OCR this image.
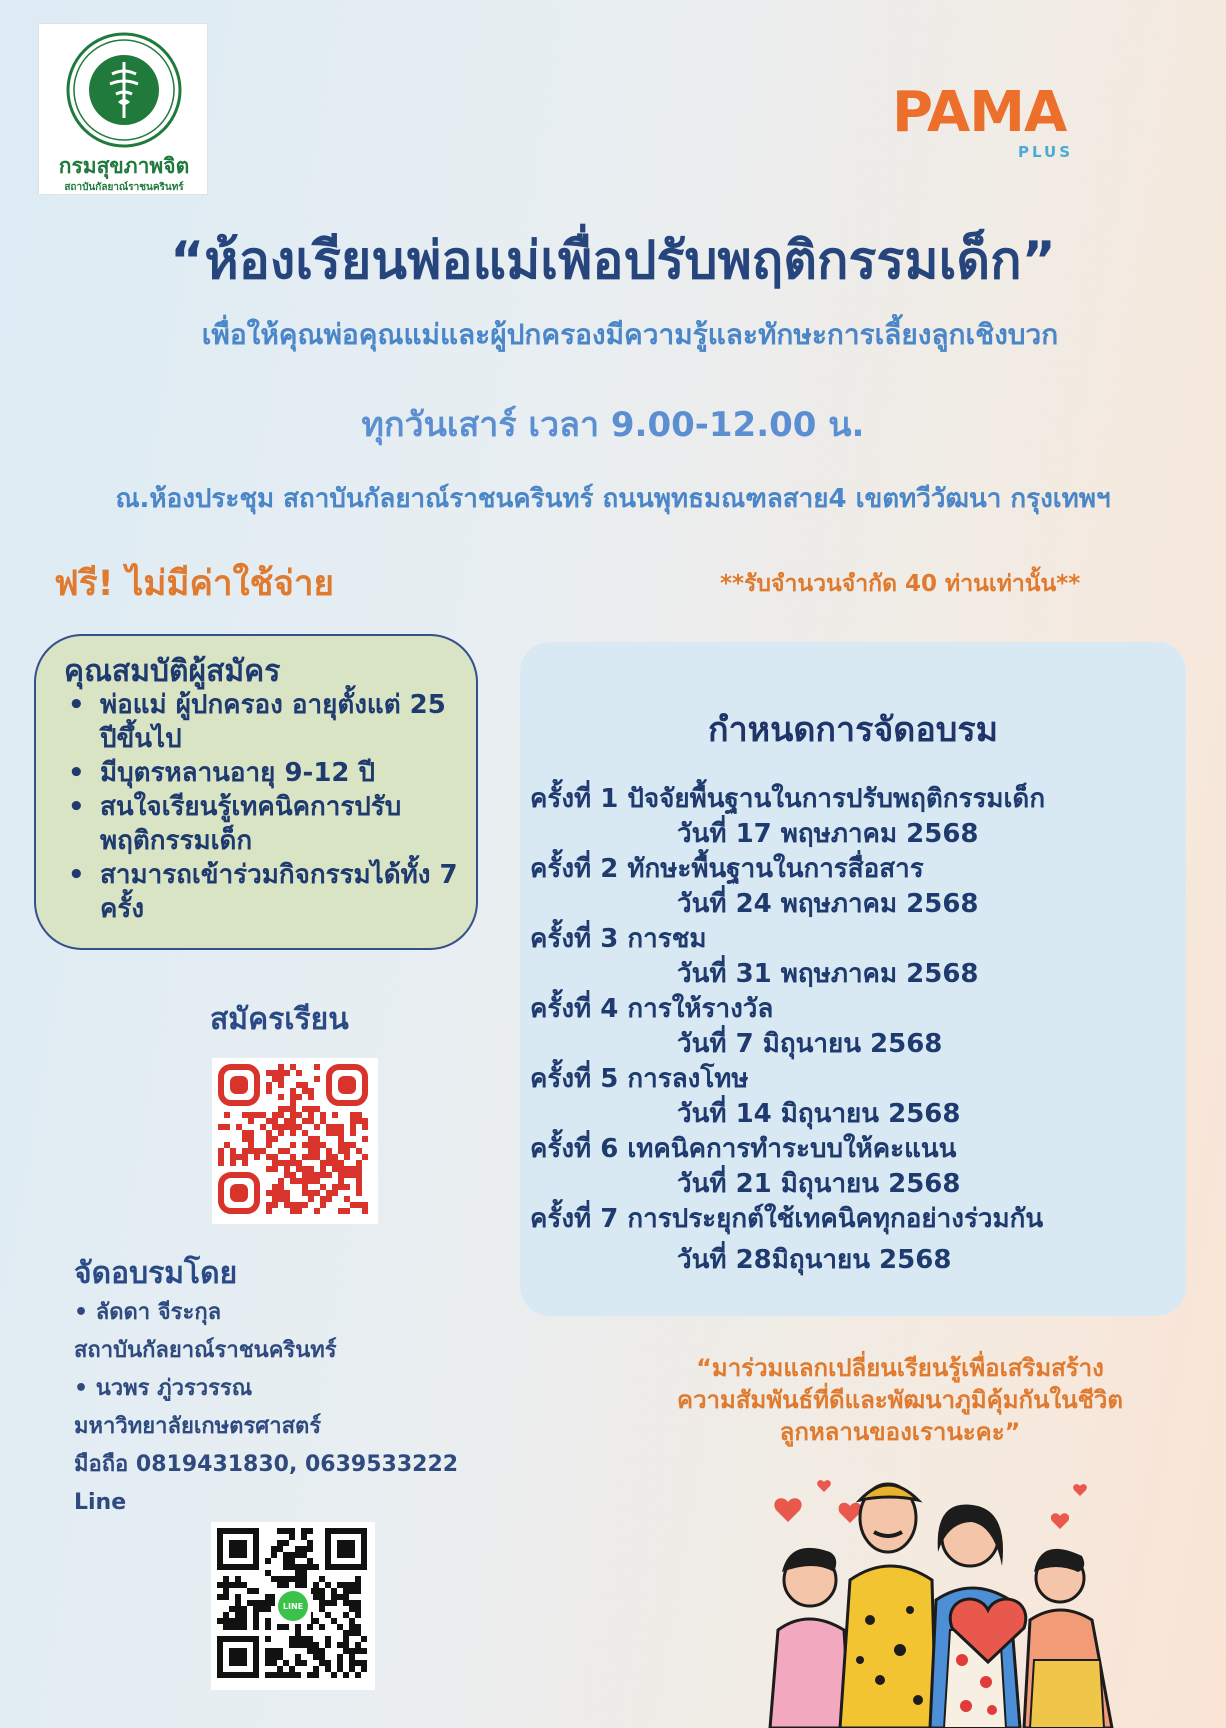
กรมสุขภาพจิต
สถาบันกัลยาณ์ราชนครินทร์
PAMA
PLUS
“ห้องเรียนพ่อแม่เพื่อปรับพฤติกรรมเด็ก”
เพื่อให้คุณพ่อคุณแม่และผู้ปกครองมีความรู้และทักษะการเลี้ยงลูกเชิงบวก
ทุกวันเสาร์ เวลา 9.00-12.00 น.
ณ.ห้องประชุม สถาบันกัลยาณ์ราชนครินทร์ ถนนพุทธมณฑลสาย4 เขตทวีวัฒนา กรุงเทพฯ
ฟรี! ไม่มีค่าใช้จ่าย	**รับจำนวนจำกัด 40 ท่านเท่านั้น**
คุณสมบัติผู้สมัคร
• พ่อแม่ ผู้ปกครอง อายุตั้งแต่ 25 ปีขึ้นไป
• มีบุตรหลานอายุ 9-12 ปี
• สนใจเรียนรู้เทคนิคการปรับพฤติกรรมเด็ก
• สามารถเข้าร่วมกิจกรรมได้ทั้ง 7 ครั้ง
กำหนดการจัดอบรม
ครั้งที่ 1 ปัจจัยพื้นฐานในการปรับพฤติกรรมเด็ก
วันที่ 17 พฤษภาคม 2568
ครั้งที่ 2 ทักษะพื้นฐานในการสื่อสาร
วันที่ 24 พฤษภาคม 2568
ครั้งที่ 3 การชม
วันที่ 31 พฤษภาคม 2568
ครั้งที่ 4 การให้รางวัล
วันที่ 7 มิถุนายน 2568
ครั้งที่ 5 การลงโทษ
วันที่ 14 มิถุนายน 2568
ครั้งที่ 6 เทคนิคการทำระบบให้คะแนน
วันที่ 21 มิถุนายน 2568
ครั้งที่ 7 การประยุกต์ใช้เทคนิคทุกอย่างร่วมกัน
วันที่ 28มิถุนายน 2568
สมัครเรียน
จัดอบรมโดย
• ลัดดา จีระกุล
สถาบันกัลยาณ์ราชนครินทร์
• นวพร ภู่วรวรรณ
มหาวิทยาลัยเกษตรศาสตร์
มือถือ 0819431830, 0639533222
Line
LINE
“มาร่วมแลกเปลี่ยนเรียนรู้เพื่อเสริมสร้าง
ความสัมพันธ์ที่ดีและพัฒนาภูมิคุ้มกันในชีวิต
ลูกหลานของเรานะคะ”
